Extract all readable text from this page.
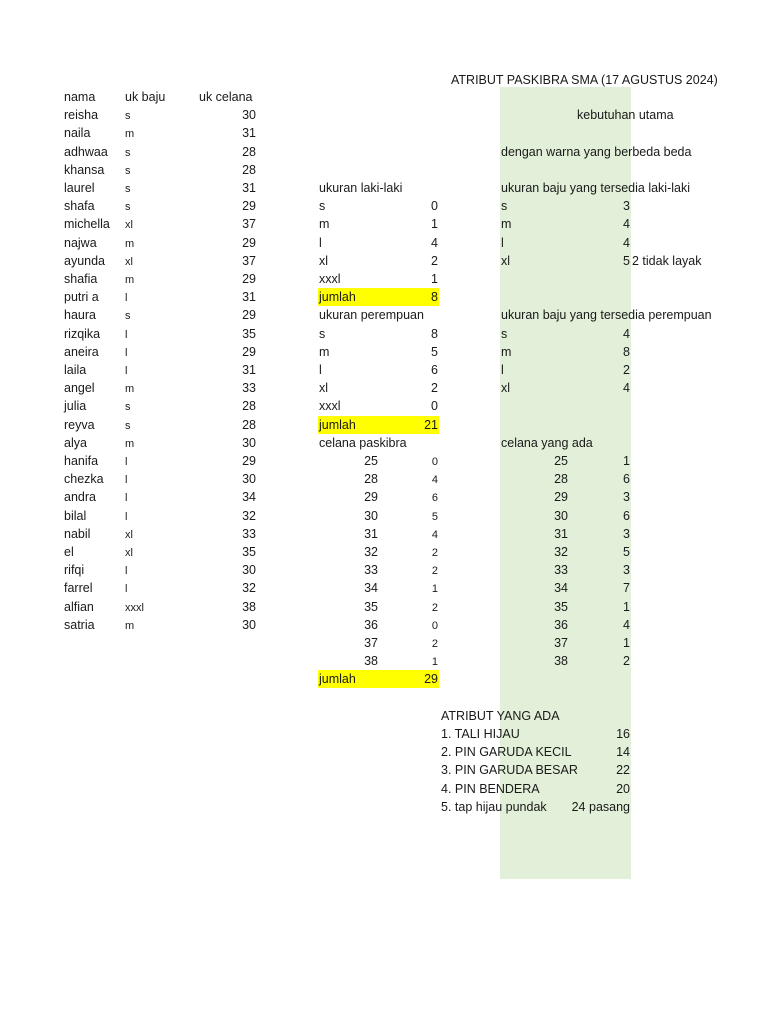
ATRIBUT PASKIBRA SMA (17 AGUSTUS 2024)
nama uk baju	uk celana
reisha s	30
naila	m	31
adhwaa s	28
khansa s	28
laurel	s	31
shafa	s	29
michella xl	37
najwa	m	29
ayunda xl	37
shafia	m	29
putri a l	31
haura	s	29
rizqika l	35
aneira l	29
laila	l	31
angel	m	33
julia	s	28
reyva	s	28
alya	m	30
hanifa l	29
chezka l	30
andra	l	34
bilal	l	32
nabil	xl	33
el	xl	35
rifqi	l	30
farrel	l	32
alfian	xxxl	38
satria	m	30
kebutuhan utama
dengan warna yang berbeda beda
ukuran laki-laki
s	0
m	1
l	4
xl	2
xxxl	1
jumlah	8
ukuran perempuan
s	8
m	5
l	6
xl	2
xxxl	0
jumlah	21
celana paskibra
25	0
28	4
29	6
30	5
31	4
32	2
33	2
34	1
35	2
36	0
37	2
38	1
jumlah	29
ukuran baju yang tersedia laki-laki
s	3
m	4
l	4
xl	5 2 tidak layak
ukuran baju yang tersedia perempuan
s	4
m	8
l	2
xl	4
celana yang ada
25	1
28	6
29	3
30	6
31	3
32	5
33	3
34	7
35	1
36	4
37	1
38	2
ATRIBUT YANG ADA
1. TALI HIJAU	16
2. PIN GARUDA KECIL	14
3. PIN GARUDA BESAR	22
4. PIN BENDERA	20
5. tap hijau pundak	24 pasang
